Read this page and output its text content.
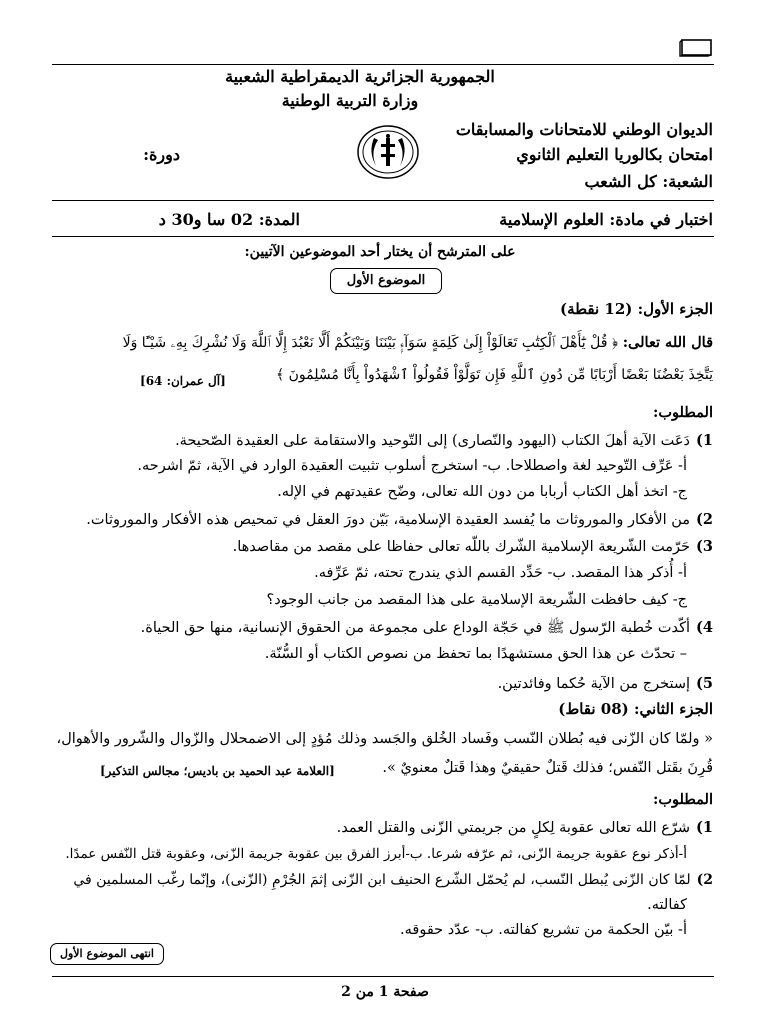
الجمهورية الجزائرية الديمقراطية الشعبية
وزارة التربية الوطنية
الديوان الوطني للامتحانات والمسابقات
امتحان بكالوريا التعليم الثانوي
دورة:
الشعبة: كل الشعب
اختبار في مادة: العلوم الإسلامية
المدة: 02 سا و30 د
على المترشح أن يختار أحد الموضوعين الآتيين:
الموضوع الأول
الجزء الأول: (12 نقطة)
قال الله تعالى: ﴿ قُلْ يَٰٓأَهْلَ ٱلْكِتَٰبِ تَعَالَوْاْ إِلَىٰ كَلِمَةٍ سَوَآءِۭ بَيْنَنَا وَبَيْنَكُمْ أَلَّا نَعْبُدَ إِلَّا ٱللَّهَ وَلَا نُشْرِكَ بِهِۦ شَيْـًٔا وَلَا
يَتَّخِذَ بَعْضُنَا بَعْضًا أَرْبَابًا مِّن دُونِ ٱللَّهِ فَإِن تَوَلَّوْاْ فَقُولُواْ ٱشْهَدُواْ بِأَنَّا مُسْلِمُونَ ﴾
[آل عمران: 64]
المطلوب:
1)دَعَت الآية أهلَ الكتاب (اليهود والنّصارى) إلى التّوحيد والاستقامة على العقيدة الصّحيحة.
أ- عَرِّف التّوحيد لغة واصطلاحا. ب- استخرج أسلوب تثبيت العقيدة الوارد في الآية، ثمّ اشرحه.
ج- اتخذ أهل الكتاب أربابا من دون الله تعالى، وضّح عقيدتهم في الإله.
2)من الأفكار والموروثات ما يُفسد العقيدة الإسلامية، بَيّن دورَ العقل في تمحيص هذه الأفكار والموروثات.
3)حَرّمت الشّريعة الإسلامية الشّرك باللّه تعالى حفاظا على مقصد من مقاصدها.
أ- أُذكر هذا المقصد. ب- حَدِّد القسم الذي يندرج تحته، ثمّ عَرِّفه.
ج- كيف حافظت الشّريعة الإسلامية على هذا المقصد من جانب الوجود؟
4)أكّدت خُطبة الرّسول ﷺ في حَجّة الوداع على مجموعة من الحقوق الإنسانية، منها حق الحياة.
– تحدّث عن هذا الحق مستشهدًا بما تحفظ من نصوص الكتاب أو السُّنّة.
5)إستخرج من الآية حُكما وفائدتين.
الجزء الثاني: (08 نقاط)
« ولمّا كان الزّنى فيه بُطلان النّسب وفَساد الخُلق والجَسد وذلك مُؤدٍ إلى الاضمحلال والزّوال والشّرور والأهوال،
قُرِنَ بقَتل النّفس؛ فذلك قَتلٌ حقيقيٌ وهذا قَتلٌ معنويٌ ».
[العلامة عبد الحميد بن باديس؛ مجالس التذكير]
المطلوب:
1)شرّع الله تعالى عقوبة لِكلٍ من جريمتي الزّنى والقتل العمد.
أ-أذكر نوع عقوبة جريمة الزّنى، ثم عرّفه شرعا. ب-أبرز الفرق بين عقوبة جريمة الزّنى، وعقوبة قتل النّفس عمدًا.
2)لمّا كان الزّنى يُبطل النّسب، لم يُحمّل الشّرع الحنيف ابن الزّنى إثمَ الجُرْمِ (الزّنى)، وإنّما رغّب المسلمين في
كفالته.
أ- بيّن الحكمة من تشريع كفالته. ب- عدّد حقوقه.
انتهى الموضوع الأول
صفحة 1 من 2
